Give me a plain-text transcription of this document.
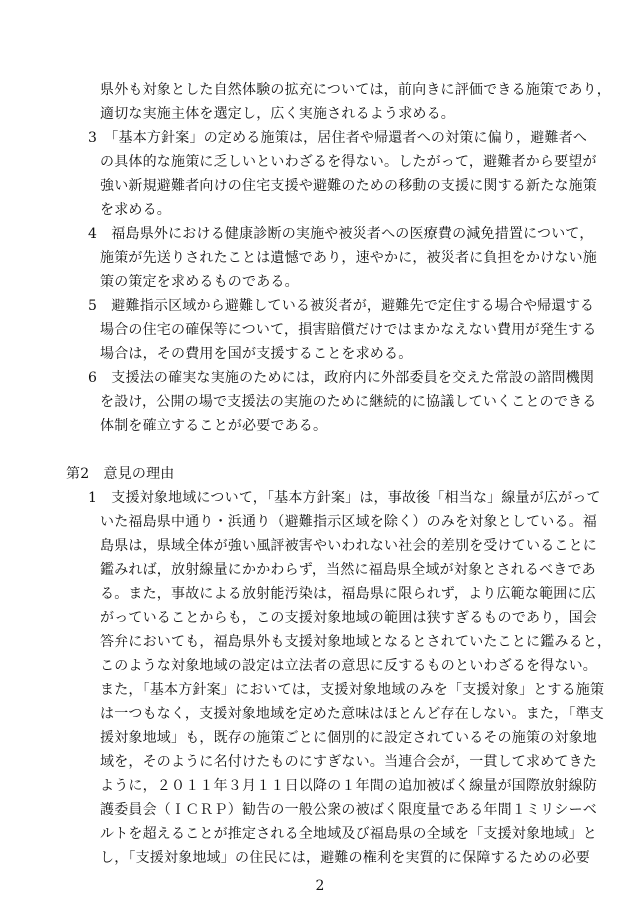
県外も対象とした自然体験の拡充については，前向きに評価できる施策であり，
適切な実施主体を選定し，広く実施されるよう求める。
3　「基本方針案」の定める施策は，居住者や帰還者への対策に偏り，避難者へ
の具体的な施策に乏しいといわざるを得ない。したがって，避難者から要望が
強い新規避難者向けの住宅支援や避難のための移動の支援に関する新たな施策
を求める。
4　福島県外における健康診断の実施や被災者への医療費の減免措置について，
施策が先送りされたことは遺憾であり，速やかに，被災者に負担をかけない施
策の策定を求めるものである。
5　避難指示区域から避難している被災者が，避難先で定住する場合や帰還する
場合の住宅の確保等について，損害賠償だけではまかなえない費用が発生する
場合は，その費用を国が支援することを求める。
6　支援法の確実な実施のためには，政府内に外部委員を交えた常設の諮問機関
を設け，公開の場で支援法の実施のために継続的に協議していくことのできる
体制を確立することが必要である。
第2　意見の理由
1　支援対象地域について，「基本方針案」は，事故後「相当な」線量が広がって
いた福島県中通り・浜通り（避難指示区域を除く）のみを対象としている。福
島県は，県域全体が強い風評被害やいわれない社会的差別を受けていることに
鑑みれば，放射線量にかかわらず，当然に福島県全域が対象とされるべきであ
る。また，事故による放射能汚染は，福島県に限られず，より広範な範囲に広
がっていることからも，この支援対象地域の範囲は狭すぎるものであり，国会
答弁においても，福島県外も支援対象地域となるとされていたことに鑑みると，
このような対象地域の設定は立法者の意思に反するものといわざるを得ない。
また，「基本方針案」においては，支援対象地域のみを「支援対象」とする施策
は一つもなく，支援対象地域を定めた意味はほとんど存在しない。また，「準支
援対象地域」も，既存の施策ごとに個別的に設定されているその施策の対象地
域を，そのように名付けたものにすぎない。当連合会が，一貫して求めてきた
ように，２０１１年３月１１日以降の１年間の追加被ばく線量が国際放射線防
護委員会（ＩＣＲＰ）勧告の一般公衆の被ばく限度量である年間１ミリシーベ
ルトを超えることが推定される全地域及び福島県の全域を「支援対象地域」と
し，「支援対象地域」の住民には，避難の権利を実質的に保障するための必要
2
